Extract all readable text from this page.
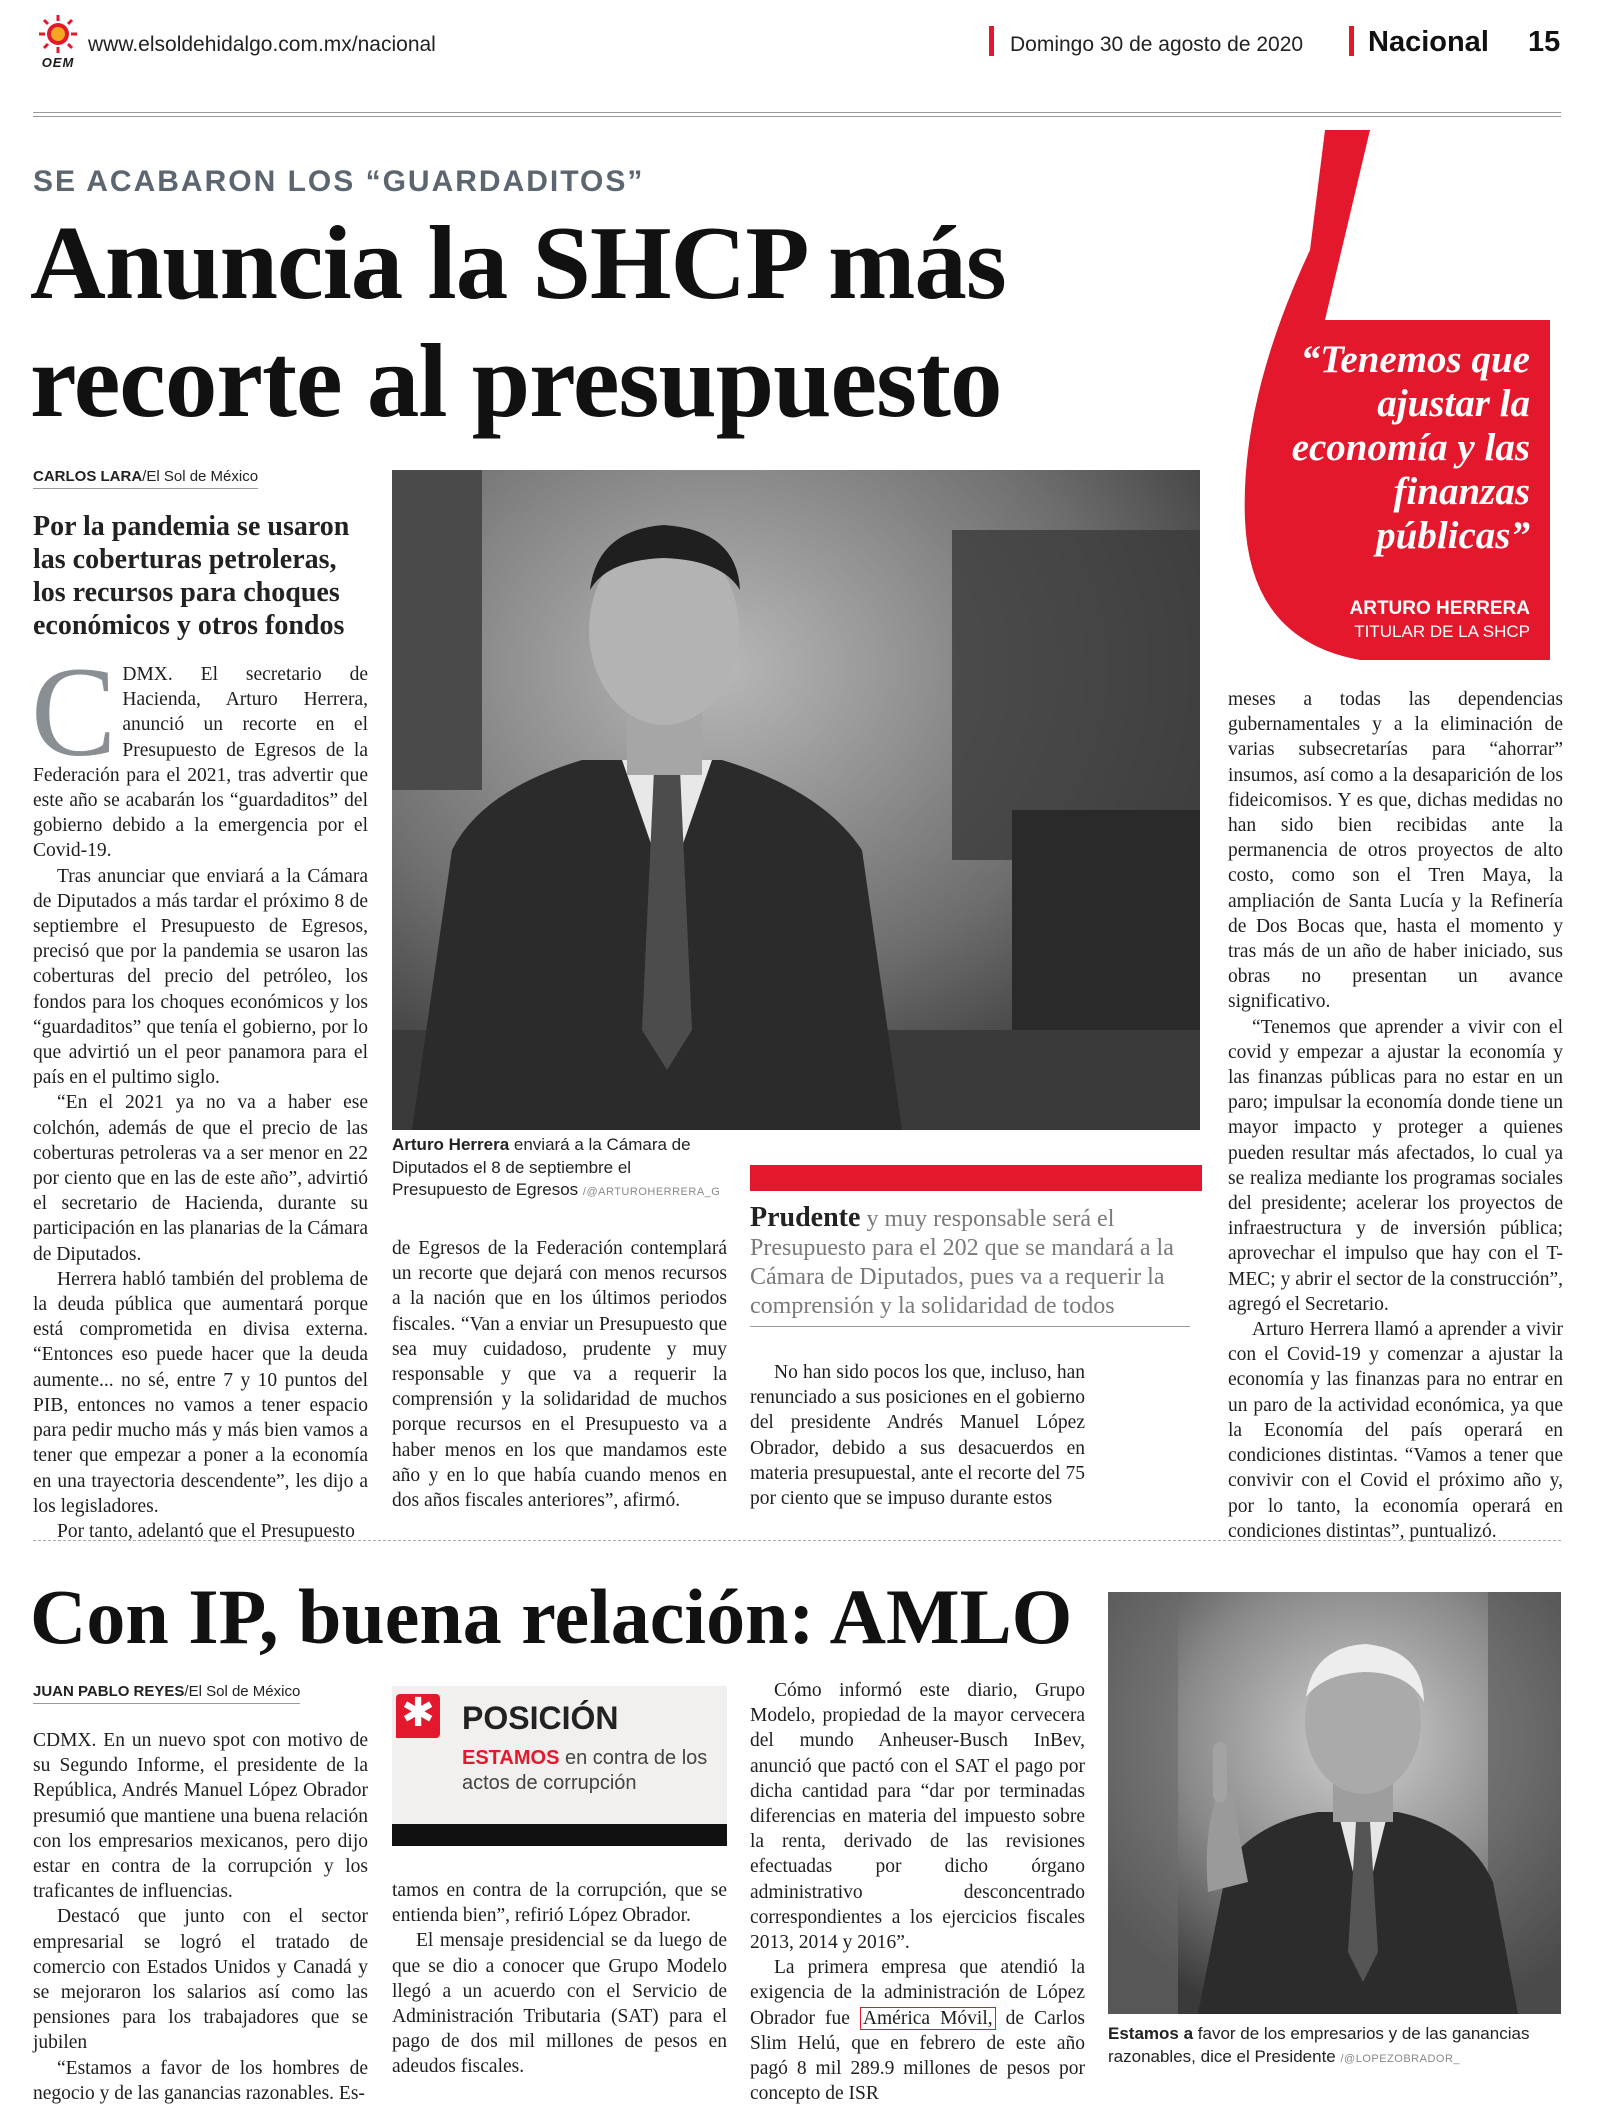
OEM
www.elsoldehidalgo.com.mx/nacional	Domingo 30 de agosto de 2020 Nacional 15
SE ACABARON LOS “GUARDADITOS”
Anuncia la SHCP más
recorte al presupuesto	“Tenemos que ajustar la economía y las finanzas públicas”
ARTURO HERRERA
TITULAR DE LA SHCP
CARLOS LARA/El Sol de México
Por la pandemia se usaron las coberturas petroleras, los recursos para choques económicos y otros fondos

C DMX. El secretario de Hacienda, Arturo Herrera, anunció un recorte en el Presupuesto de Egresos de la Federación para el 2021, tras advertir que este año se acabarán los “guardaditos” del gobierno debido a la emergencia por el Covid-19.

Tras anunciar que enviará a la Cámara de Diputados a más tardar el próximo 8 de septiembre el Presupuesto de Egresos, precisó que por la pandemia se usaron las coberturas del precio del petróleo, los fondos para los choques económicos y los “guardaditos” que tenía el gobierno, por lo que advirtió un el peor panamora para el país en el pultimo siglo.

“En el 2021 ya no va a haber ese colchón, además de que el precio de las coberturas petroleras va a ser menor en 22 por ciento que en las de este año”, advirtió el secretario de Hacienda, durante su participación en las planarias de la Cámara de Diputados.

Herrera habló también del problema de la deuda pública que aumentará porque está comprometida en divisa externa. “Entonces eso puede hacer que la deuda aumente... no sé, entre 7 y 10 puntos del PIB, entonces no vamos a tener espacio para pedir mucho más y más bien vamos a tener que empezar a poner a la economía en una trayectoria descendente”, les dijo a los legisladores.

Por tanto, adelantó que el Presupuesto

Arturo Herrera enviará a la Cámara de Diputados el 8 de septiembre el Presupuesto de Egresos /@ARTUROHERRERA_G

de Egresos de la Federación contemplará un recorte que dejará con menos recursos a la nación que en los últimos periodos fiscales. “Van a enviar un Presupuesto que sea muy cuidadoso, prudente y muy responsable y que va a requerir la comprensión y la solidaridad de muchos porque recursos en el Presupuesto va a haber menos en los que mandamos este año y en lo que había cuando menos en dos años fiscales anteriores”, afirmó.

Prudente y muy responsable será el Presupuesto para el 202 que se mandará a la Cámara de Diputados, pues va a requerir la comprensión y la solidaridad de todos

No han sido pocos los que, incluso, han renunciado a sus posiciones en el gobierno del presidente Andrés Manuel López Obrador, debido a sus desacuerdos en materia presupuestal, ante el recorte del 75 por ciento que se impuso durante estos

meses a todas las dependencias gubernamentales y a la eliminación de varias subsecretarías para “ahorrar” insumos, así como a la desaparición de los fideicomisos. Y es que, dichas medidas no han sido bien recibidas ante la permanencia de otros proyectos de alto costo, como son el Tren Maya, la ampliación de Santa Lucía y la Refinería de Dos Bocas que, hasta el momento y tras más de un año de haber iniciado, sus obras no presentan un avance significativo.

“Tenemos que aprender a vivir con el covid y empezar a ajustar la economía y las finanzas públicas para no estar en un paro; impulsar la economía donde tiene un mayor impacto y proteger a quienes pueden resultar más afectados, lo cual ya se realiza mediante los programas sociales del presidente; acelerar los proyectos de infraestructura y de inversión pública; aprovechar el impulso que hay con el T-MEC; y abrir el sector de la construcción”, agregó el Secretario.

Arturo Herrera llamó a aprender a vivir con el Covid-19 y comenzar a ajustar la economía y las finanzas para no entrar en un paro de la actividad económica, ya que la Economía del país operará en condiciones distintas. “Vamos a tener que convivir con el Covid el próximo año y, por lo tanto, la economía operará en condiciones distintas”, puntualizó.

Con IP, buena relación: AMLO
JUAN PABLO REYES/El Sol de México

CDMX. En un nuevo spot con motivo de su Segundo Informe, el presidente de la República, Andrés Manuel López Obrador presumió que mantiene una buena relación con los empresarios mexicanos, pero dijo estar en contra de la corrupción y los traficantes de influencias.

Destacó que junto con el sector empresarial se logró el tratado de comercio con Estados Unidos y Canadá y se mejoraron los salarios así como las pensiones para los trabajadores que se jubilen

“Estamos a favor de los hombres de negocio y de las ganancias razonables. Es-

✱ POSICIÓN
ESTAMOS en contra de los actos de corrupción

tamos en contra de la corrupción, que se entienda bien”, refirió López Obrador.

El mensaje presidencial se da luego de que se dio a conocer que Grupo Modelo llegó a un acuerdo con el Servicio de Administración Tributaria (SAT) para el pago de dos mil millones de pesos en adeudos fiscales.

Cómo informó este diario, Grupo Modelo, propiedad de la mayor cervecera del mundo Anheuser-Busch InBev, anunció que pactó con el SAT el pago por dicha cantidad para “dar por terminadas diferencias en materia del impuesto sobre la renta, derivado de las revisiones efectuadas por dicho órgano administrativo desconcentrado correspondientes a los ejercicios fiscales 2013, 2014 y 2016”.

La primera empresa que atendió la exigencia de la administración de López Obrador fue América Móvil, de Carlos Slim Helú, que en febrero de este año pagó 8 mil 289.9 millones de pesos por concepto de ISR

Estamos a favor de los empresarios y de las ganancias razonables, dice el Presidente /@LOPEZOBRADOR_
